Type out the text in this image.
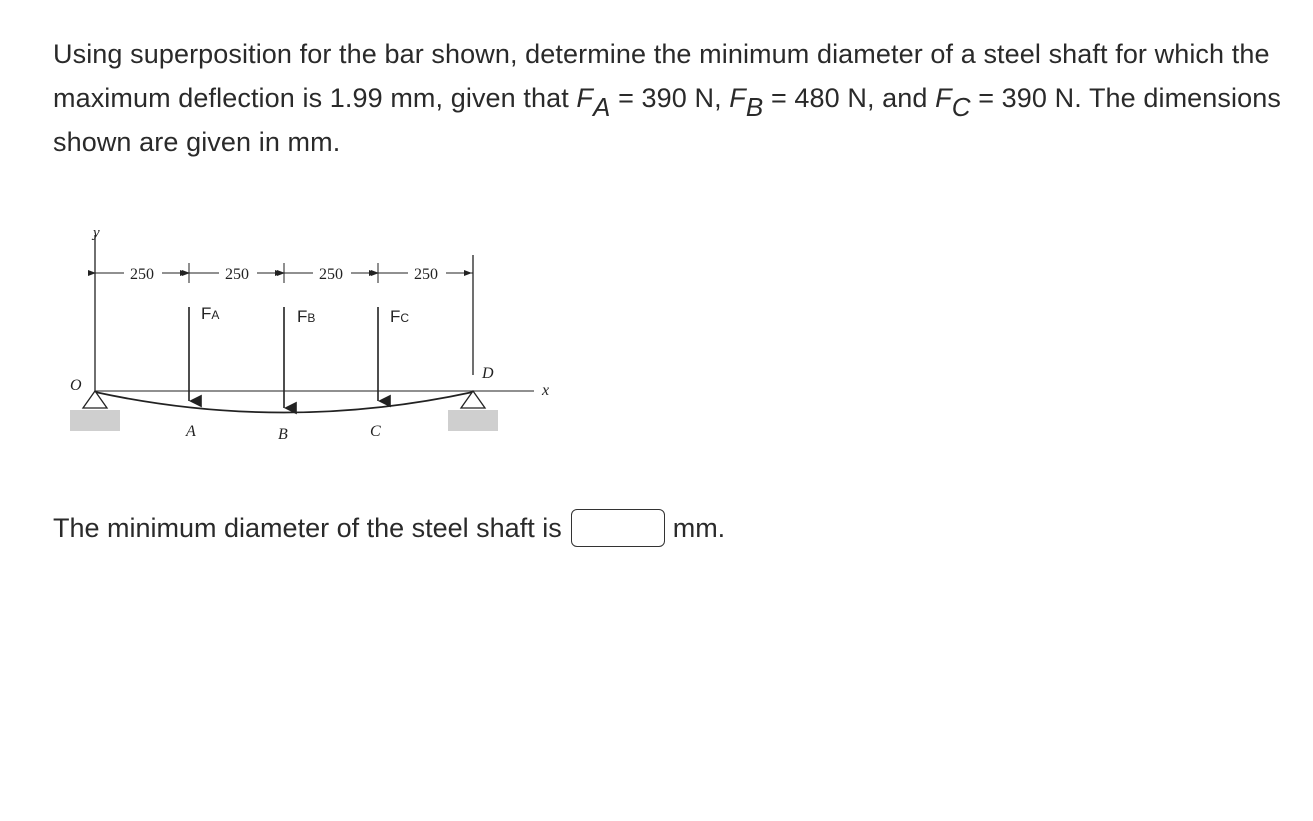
Using superposition for the bar shown, determine the minimum diameter of a steel shaft for which the maximum deflection is 1.99 mm, given that $F_A = 390$ N, $F_B = 480$ N, and $F_C = 390$ N. The dimensions shown are given in mm.
y
250	250	250	250
FA	FB	FC
x
O
A	B	C
D
The minimum diameter of the steel shaft is	mm.
